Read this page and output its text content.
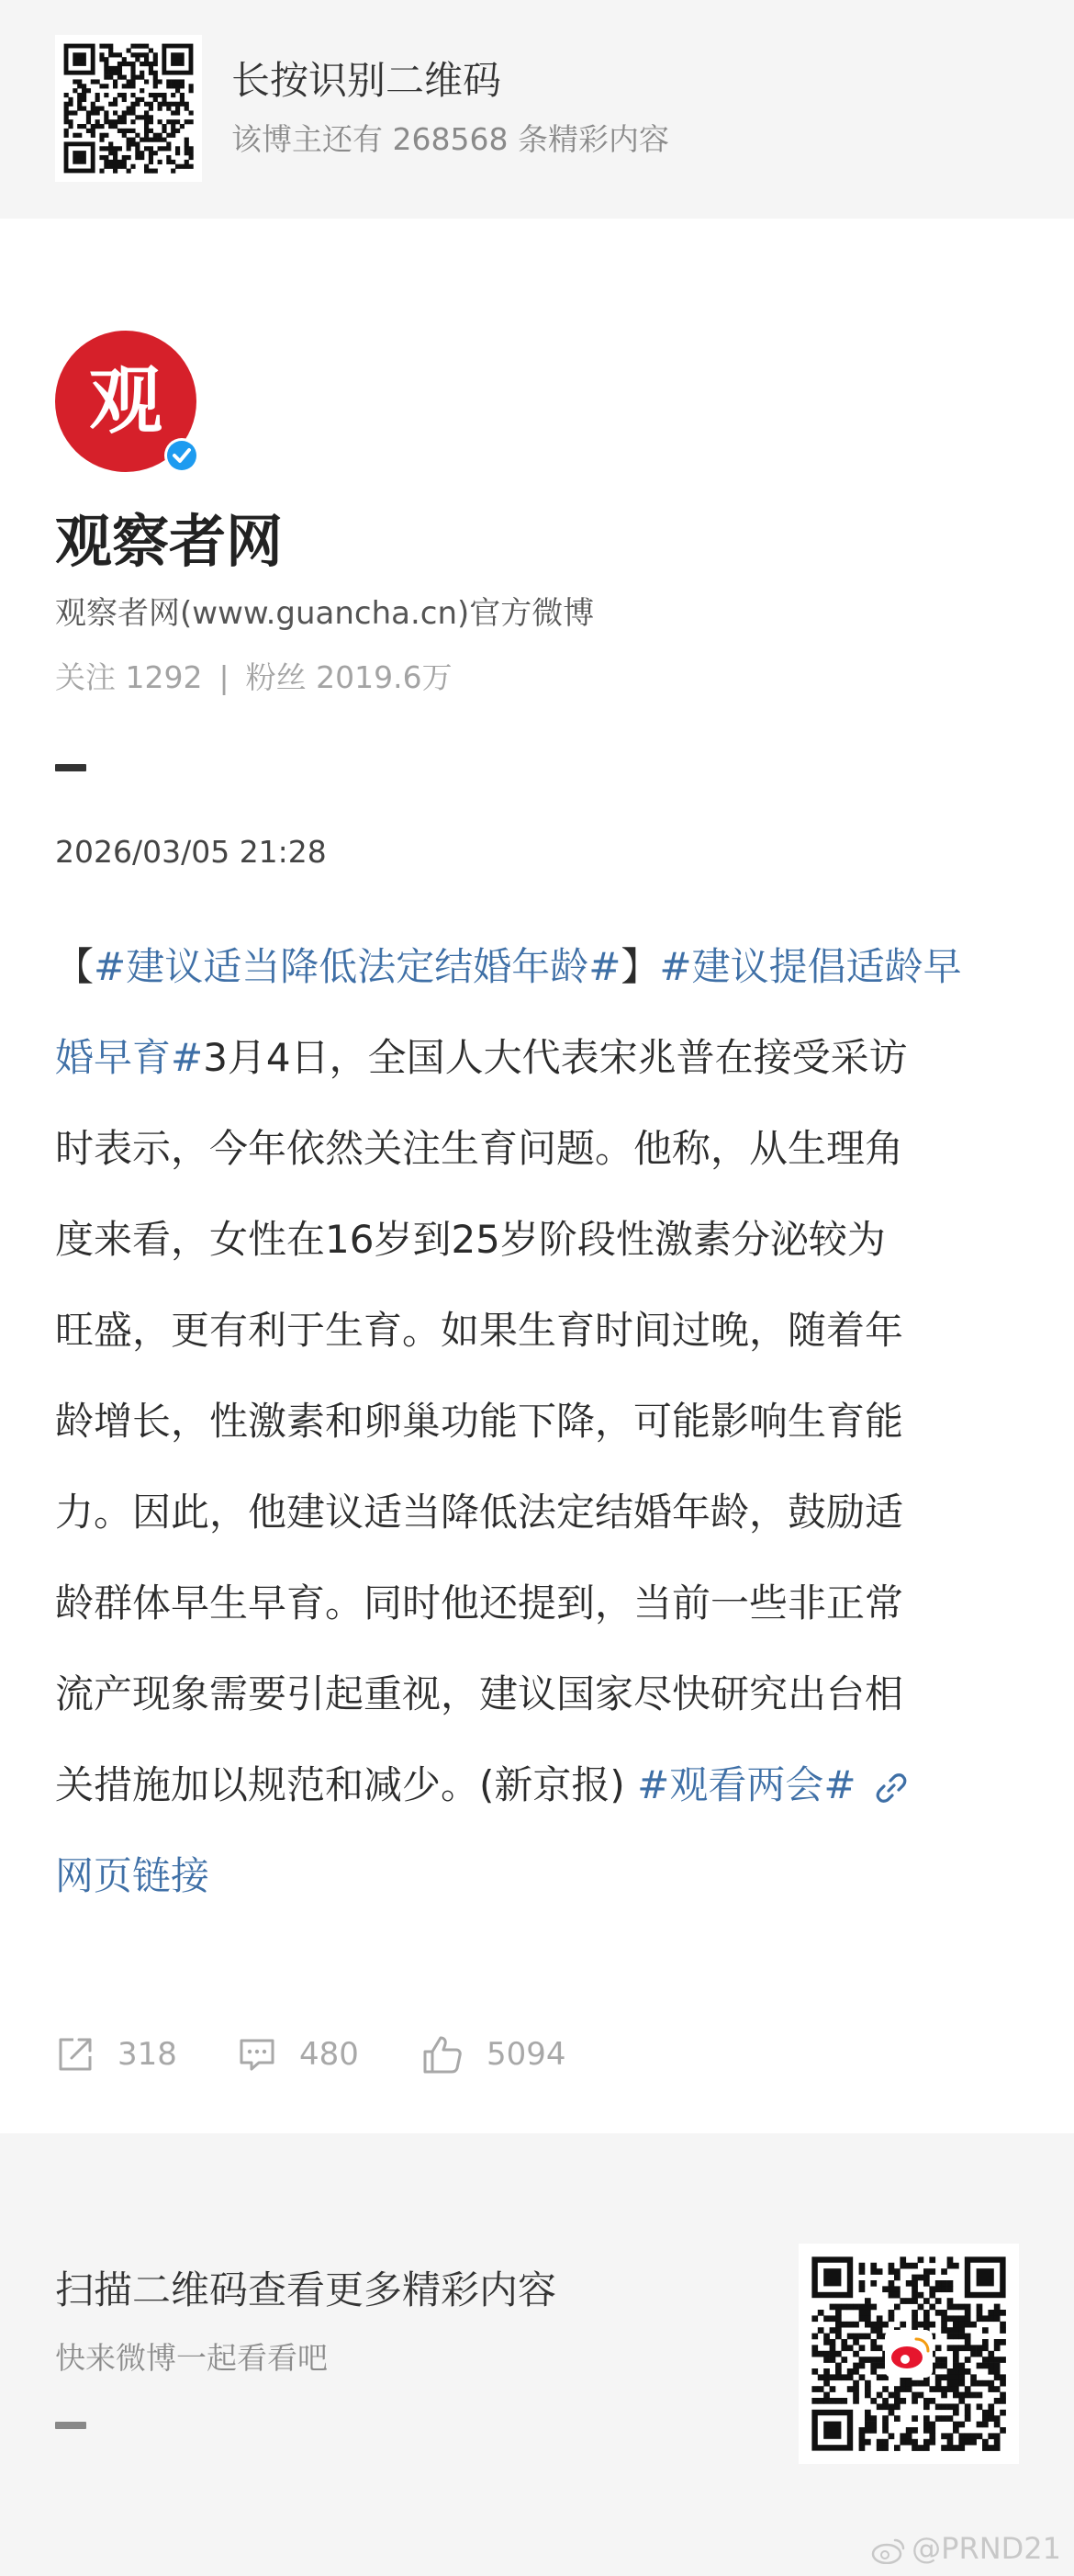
长按识别二维码
该博主还有 268568 条精彩内容
观
观察者网
观察者网(www.guancha.cn)官方微博
关注 1292 | 粉丝 2019.6万
2026/03/05 21:28
【#建议适当降低法定结婚年龄#】#建议提倡适龄早
婚早育#3月4日，全国人大代表宋兆普在接受采访
时表示，今年依然关注生育问题。他称，从生理角
度来看，女性在16岁到25岁阶段性激素分泌较为
旺盛，更有利于生育。如果生育时间过晚，随着年
龄增长，性激素和卵巢功能下降，可能影响生育能
力。因此，他建议适当降低法定结婚年龄，鼓励适
龄群体早生早育。同时他还提到，当前一些非正常
流产现象需要引起重视，建议国家尽快研究出台相
关措施加以规范和减少。(新京报) #观看两会#
网页链接
318	480	5094
扫描二维码查看更多精彩内容
快来微博一起看看吧
@PRND21
